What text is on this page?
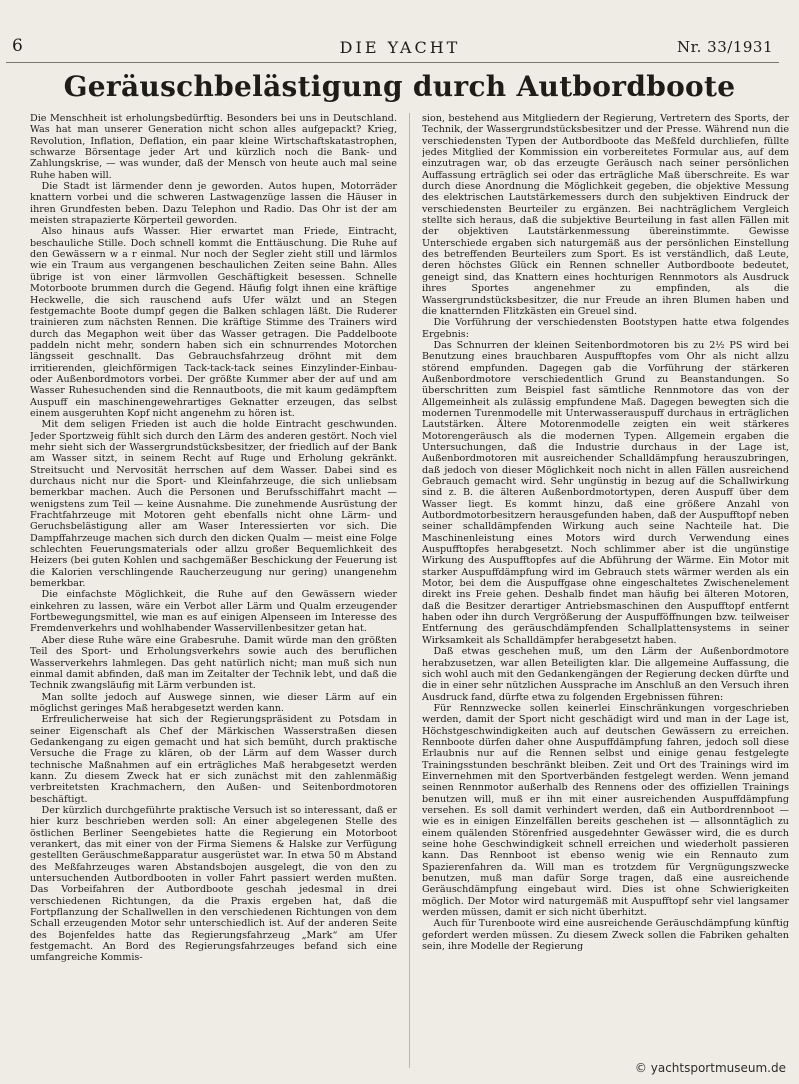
6	DIE YACHT	Nr. 33/1931
Geräuschbelästigung durch Autbordboote

Die Menschheit ist erholungsbedürftig. Besonders bei uns in Deutschland. Was hat man unserer Generation nicht schon alles aufgepackt? Krieg, Revolution, Inflation, Deflation, ein paar kleine Wirtschaftskatastrophen, schwarze Börsentage jeder Art und kürzlich noch die Bank- und Zahlungskrise, — was wunder, daß der Mensch von heute auch mal seine Ruhe haben will.

Die Stadt ist lärmender denn je geworden. Autos hupen, Motorräder knattern vorbei und die schweren Lastwagenzüge lassen die Häuser in ihren Grundfesten beben. Dazu Telephon und Radio. Das Ohr ist der am meisten strapazierte Körperteil geworden.

Also hinaus aufs Wasser. Hier erwartet man Friede, Eintracht, beschauliche Stille. Doch schnell kommt die Enttäuschung. Die Ruhe auf den Gewässern w a r einmal. Nur noch der Segler zieht still und lärmlos wie ein Traum aus vergangenen beschaulichen Zeiten seine Bahn. Alles übrige ist von einer lärmvollen Geschäftigkeit besessen. Schnelle Motorboote brummen durch die Gegend. Häufig folgt ihnen eine kräftige Heckwelle, die sich rauschend aufs Ufer wälzt und an Stegen festgemachte Boote dumpf gegen die Balken schlagen läßt. Die Ruderer trainieren zum nächsten Rennen. Die kräftige Stimme des Trainers wird durch das Megaphon weit über das Wasser getragen. Die Paddelboote paddeln nicht mehr, sondern haben sich ein schnurrendes Motorchen längsseit geschnallt. Das Gebrauchsfahrzeug dröhnt mit dem irritierenden, gleichförmigen Tack-tack-tack seines Einzylinder-Einbau- oder Außenbordmotors vorbei. Der größte Kummer aber der auf und am Wasser Ruhesuchenden sind die Rennautboots, die mit kaum gedämpftem Auspuff ein maschinengewehrartiges Geknatter erzeugen, das selbst einem ausgeruhten Kopf nicht angenehm zu hören ist.

Mit dem seligen Frieden ist auch die holde Eintracht geschwunden. Jeder Sportzweig fühlt sich durch den Lärm des anderen gestört. Noch viel mehr sieht sich der Wassergrundstücksbesitzer, der friedlich auf der Bank am Wasser sitzt, in seinem Recht auf Ruge und Erholung gekränkt. Streitsucht und Nervosität herrschen auf dem Wasser. Dabei sind es durchaus nicht nur die Sport- und Kleinfahrzeuge, die sich unliebsam bemerkbar machen. Auch die Personen und Berufsschiffahrt macht — wenigstens zum Teil — keine Ausnahme. Die zunehmende Ausrüstung der Frachtfahrzeuge mit Motoren geht ebenfalls nicht ohne Lärm- und Geruchsbelästigung aller am Waser Interessierten vor sich. Die Dampffahrzeuge machen sich durch den dicken Qualm — meist eine Folge schlechten Feuerungsmaterials oder allzu großer Bequemlichkeit des Heizers (bei guten Kohlen und sachgemäßer Beschickung der Feuerung ist die Kalorien verschlingende Raucherzeugung nur gering) unangenehm bemerkbar.

Die einfachste Möglichkeit, die Ruhe auf den Gewässern wieder einkehren zu lassen, wäre ein Verbot aller Lärm und Qualm erzeugender Fortbewegungsmittel, wie man es auf einigen Alpenseen im Interesse des Fremdenverkehrs und wohlhabender Wasservillenbesitzer getan hat.

Aber diese Ruhe wäre eine Grabesruhe. Damit würde man den größten Teil des Sport- und Erholungsverkehrs sowie auch des beruflichen Wasserverkehrs lahmlegen. Das geht natürlich nicht; man muß sich nun einmal damit abfinden, daß man im Zeitalter der Technik lebt, und daß die Technik zwangsläufig mit Lärm verbunden ist.

Man sollte jedoch auf Auswege sinnen, wie dieser Lärm auf ein möglichst geringes Maß herabgesetzt werden kann.

Erfreulicherweise hat sich der Regierungspräsident zu Potsdam in seiner Eigenschaft als Chef der Märkischen Wasserstraßen diesen Gedankengang zu eigen gemacht und hat sich bemüht, durch praktische Versuche die Frage zu klären, ob der Lärm auf dem Wasser durch technische Maßnahmen auf ein erträgliches Maß herabgesetzt werden kann. Zu diesem Zweck hat er sich zunächst mit den zahlenmäßig verbreitetsten Krachmachern, den Außen- und Seitenbordmotoren beschäftigt.

Der kürzlich durchgeführte praktische Versuch ist so interessant, daß er hier kurz beschrieben werden soll: An einer abgelegenen Stelle des östlichen Berliner Seengebietes hatte die Regierung ein Motorboot verankert, das mit einer von der Firma Siemens & Halske zur Verfügung gestellten Geräuschmeßapparatur ausgerüstet war. In etwa 50 m Abstand des Meßfahrzeuges waren Abstandsbojen ausgelegt, die von den zu untersuchenden Autbordbooten in voller Fahrt passiert werden mußten. Das Vorbeifahren der Autbordboote geschah jedesmal in drei verschiedenen Richtungen, da die Praxis ergeben hat, daß die Fortpflanzung der Schallwellen in den verschiedenen Richtungen von dem Schall erzeugenden Motor sehr unterschiedlich ist. Auf der anderen Seite des Bojenfeldes hatte das Regierungsfahrzeug „Mark“ am Ufer festgemacht. An Bord des Regierungsfahrzeuges befand sich eine umfangreiche Kommis-

sion, bestehend aus Mitgliedern der Regierung, Vertretern des Sports, der Technik, der Wassergrundstücksbesitzer und der Presse. Während nun die verschiedensten Typen der Autbordboote das Meßfeld durchliefen, füllte jedes Mitglied der Kommission ein vorbereitetes Formular aus, auf dem einzutragen war, ob das erzeugte Geräusch nach seiner persönlichen Auffassung erträglich sei oder das erträgliche Maß überschreite. Es war durch diese Anordnung die Möglichkeit gegeben, die objektive Messung des elektrischen Lautstärkemessers durch den subjektiven Eindruck der verschiedensten Beurteiler zu ergänzen. Bei nachträglichem Vergleich stellte sich heraus, daß die subjektive Beurteilung in fast allen Fällen mit der objektiven Lautstärkenmessung übereinstimmte. Gewisse Unterschiede ergaben sich naturgemäß aus der persönlichen Einstellung des betreffenden Beurteilers zum Sport. Es ist verständlich, daß Leute, deren höchstes Glück ein Rennen schneller Autbordboote bedeutet, geneigt sind, das Knattern eines hochturigen Rennmotors als Ausdruck ihres Sportes angenehmer zu empfinden, als die Wassergrundstücksbesitzer, die nur Freude an ihren Blumen haben und die knatternden Flitzkästen ein Greuel sind.

Die Vorführung der verschiedensten Bootstypen hatte etwa folgendes Ergebnis:

Das Schnurren der kleinen Seitenbordmotoren bis zu 2½ PS wird bei Benutzung eines brauchbaren Auspufftopfes vom Ohr als nicht allzu störend empfunden. Dagegen gab die Vorführung der stärkeren Außenbordmotore verschiedentlich Grund zu Beanstandungen. So überschritten zum Beispiel fast sämtliche Rennmotore das von der Allgemeinheit als zulässig empfundene Maß. Dagegen bewegten sich die modernen Turenmodelle mit Unterwasserauspuff durchaus in erträglichen Lautstärken. Ältere Motorenmodelle zeigten ein weit stärkeres Motorengeräusch als die modernen Typen. Allgemein ergaben die Untersuchungen, daß die Industrie durchaus in der Lage ist, Außenbordmotoren mit ausreichender Schalldämpfung herauszubringen, daß jedoch von dieser Möglichkeit noch nicht in allen Fällen ausreichend Gebrauch gemacht wird. Sehr ungünstig in bezug auf die Schallwirkung sind z. B. die älteren Außenbordmotortypen, deren Auspuff über dem Wasser liegt. Es kommt hinzu, daß eine größere Anzahl von Autbordmotorbesitzern herausgefunden haben, daß der Auspufftopf neben seiner schalldämpfenden Wirkung auch seine Nachteile hat. Die Maschinenleistung eines Motors wird durch Verwendung eines Auspufftopfes herabgesetzt. Noch schlimmer aber ist die ungünstige Wirkung des Auspufftopfes auf die Abführung der Wärme. Ein Motor mit starker Auspuffdämpfung wird im Gebrauch stets wärmer werden als ein Motor, bei dem die Auspuffgase ohne eingeschaltetes Zwischenelement direkt ins Freie gehen. Deshalb findet man häufig bei älteren Motoren, daß die Besitzer derartiger Antriebsmaschinen den Auspufftopf entfernt haben oder ihn durch Vergrößerung der Auspufföffnungen bzw. teilweiser Entfernung des geräuschdämpfenden Schallplattensystems in seiner Wirksamkeit als Schalldämpfer herabgesetzt haben.

Daß etwas geschehen muß, um den Lärm der Außenbordmotore herabzusetzen, war allen Beteiligten klar. Die allgemeine Auffassung, die sich wohl auch mit den Gedankengängen der Regierung decken dürfte und die in einer sehr nützlichen Aussprache im Anschluß an den Versuch ihren Ausdruck fand, dürfte etwa zu folgenden Ergebnissen führen:

Für Rennzwecke sollen keinerlei Einschränkungen vorgeschrieben werden, damit der Sport nicht geschädigt wird und man in der Lage ist, Höchstgeschwindigkeiten auch auf deutschen Gewässern zu erreichen. Rennboote dürfen daher ohne Auspuffdämpfung fahren, jedoch soll diese Erlaubnis nur auf die Rennen selbst und einige genau festgelegte Trainingsstunden beschränkt bleiben. Zeit und Ort des Trainings wird im Einvernehmen mit den Sportverbänden festgelegt werden. Wenn jemand seinen Rennmotor außerhalb des Rennens oder des offiziellen Trainings benutzen will, muß er ihn mit einer ausreichenden Auspuffdämpfung versehen. Es soll damit verhindert werden, daß ein Autbordrennboot — wie es in einigen Einzelfällen bereits geschehen ist — allsonntäglich zu einem quälenden Störenfried ausgedehnter Gewässer wird, die es durch seine hohe Geschwindigkeit schnell erreichen und wiederholt passieren kann. Das Rennboot ist ebenso wenig wie ein Rennauto zum Spazierenfahren da. Will man es trotzdem für Vergnügungszwecke benutzen, muß man dafür Sorge tragen, daß eine ausreichende Geräuschdämpfung eingebaut wird. Dies ist ohne Schwierigkeiten möglich. Der Motor wird naturgemäß mit Auspufftopf sehr viel langsamer werden müssen, damit er sich nicht überhitzt.

Auch für Turenboote wird eine ausreichende Geräuschdämpfung künftig gefordert werden müssen. Zu diesem Zweck sollen die Fabriken gehalten sein, ihre Modelle der Regierung

© yachtsportmuseum.de
